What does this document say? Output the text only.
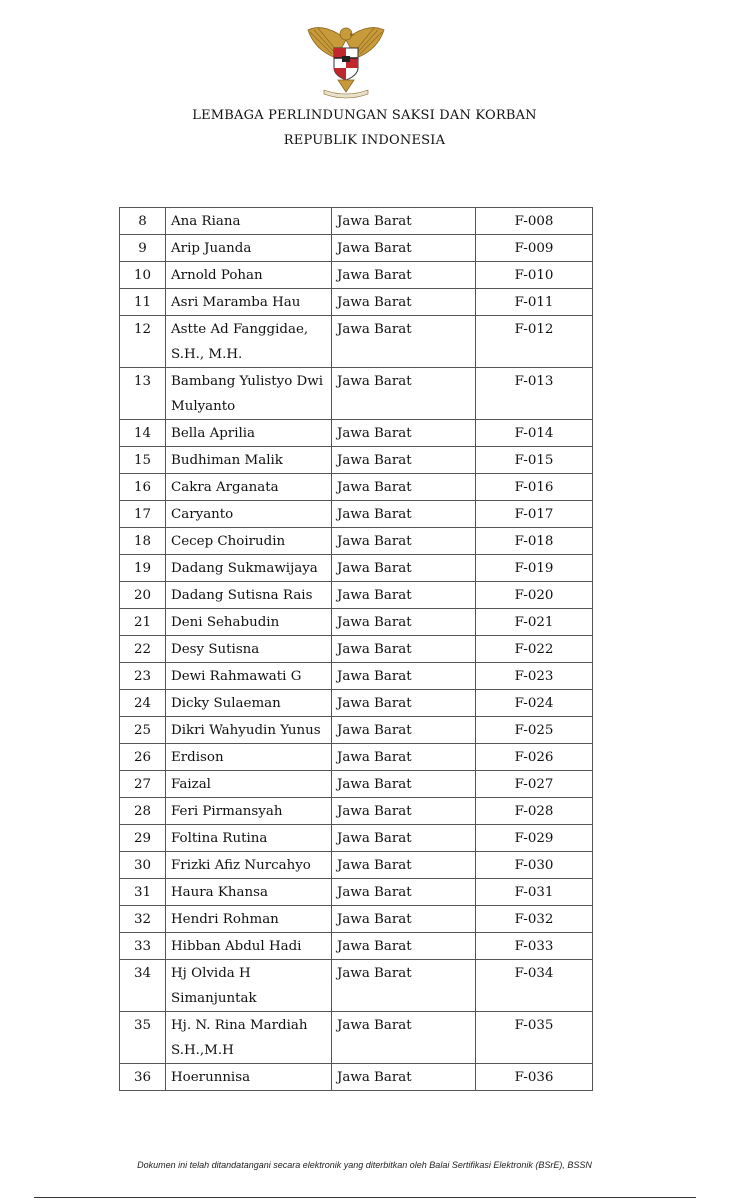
LEMBAGA PERLINDUNGAN SAKSI DAN KORBAN
REPUBLIK INDONESIA
8	Ana Riana	Jawa Barat	F-008
9	Arip Juanda	Jawa Barat	F-009
10	Arnold Pohan	Jawa Barat	F-010
11	Asri Maramba Hau	Jawa Barat	F-011
12	Astte Ad Fanggidae, S.H., M.H.	Jawa Barat	F-012
13	Bambang Yulistyo Dwi Mulyanto	Jawa Barat	F-013
14	Bella Aprilia	Jawa Barat	F-014
15	Budhiman Malik	Jawa Barat	F-015
16	Cakra Arganata	Jawa Barat	F-016
17	Caryanto	Jawa Barat	F-017
18	Cecep Choirudin	Jawa Barat	F-018
19	Dadang Sukmawijaya	Jawa Barat	F-019
20	Dadang Sutisna Rais	Jawa Barat	F-020
21	Deni Sehabudin	Jawa Barat	F-021
22	Desy Sutisna	Jawa Barat	F-022
23	Dewi Rahmawati G	Jawa Barat	F-023
24	Dicky Sulaeman	Jawa Barat	F-024
25	Dikri Wahyudin Yunus	Jawa Barat	F-025
26	Erdison	Jawa Barat	F-026
27	Faizal	Jawa Barat	F-027
28	Feri Pirmansyah	Jawa Barat	F-028
29	Foltina Rutina	Jawa Barat	F-029
30	Frizki Afiz Nurcahyo	Jawa Barat	F-030
31	Haura Khansa	Jawa Barat	F-031
32	Hendri Rohman	Jawa Barat	F-032
33	Hibban Abdul Hadi	Jawa Barat	F-033
34	Hj Olvida H Simanjuntak	Jawa Barat	F-034
35	Hj. N. Rina Mardiah S.H.,M.H	Jawa Barat	F-035
36	Hoerunnisa	Jawa Barat	F-036
Dokumen ini telah ditandatangani secara elektronik yang diterbitkan oleh Balai Sertifikasi Elektronik (BSrE), BSSN
